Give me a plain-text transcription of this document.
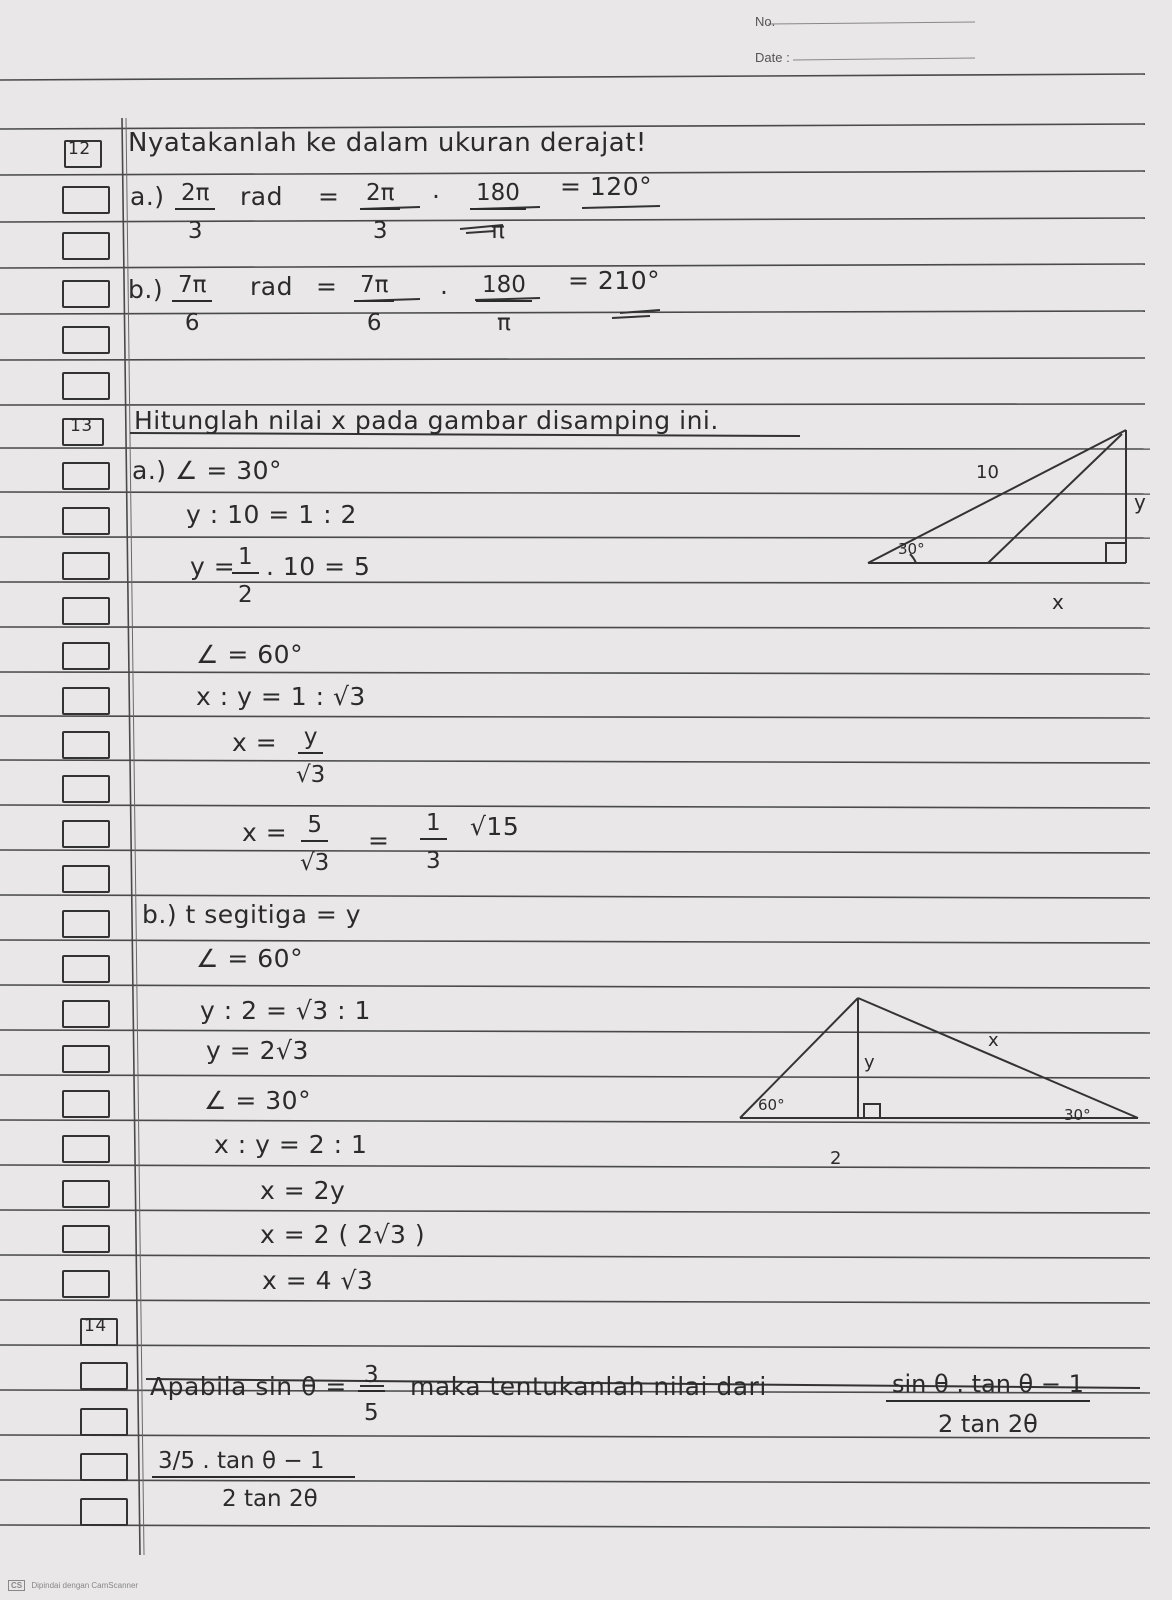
No.
Date :
12
13
14
Nyatakanlah ke dalam ukuran derajat!
$a.) \frac{2\pi}{3}$ rad = $\frac{2\pi}{3} \cdot \frac{180}{\pi} = 120^\circ$
$b.) \frac{7\pi}{6}$ rad = $\frac{7\pi}{6} \cdot \frac{180}{\pi} = 210^\circ$
Hitunglah nilai x pada gambar disamping ini.
a.) ∠ = 30°
y : 10 = 1 : 2
y =
$\frac{1}{2}$ . 10 = 5
∠ = 60°
x : y = 1 : √3
$x = \frac{y}{√3}$
$x = \frac{5}{√3} = \frac{1}{3} √15$
10
y
30°
x
b.) t segitiga = y
∠ = 60°
y : 2 = √3 : 1
y = 2√3
∠ = 30°
x : y = 2 : 1
x = 2y
x = 2 ( 2√3 )
x = 4 √3
60°
y
x
30°
2
Apabila $\sin \theta = \frac{3}{5}$ maka tentukanlah nilai dari	$\frac{\text{sin θ . tan θ − 1}}{2 \tan 2\theta}$
$\frac{\text{3/5 . tan θ − 1}}{2 \tan 2\theta}$
CS Dipindai dengan CamScanner
